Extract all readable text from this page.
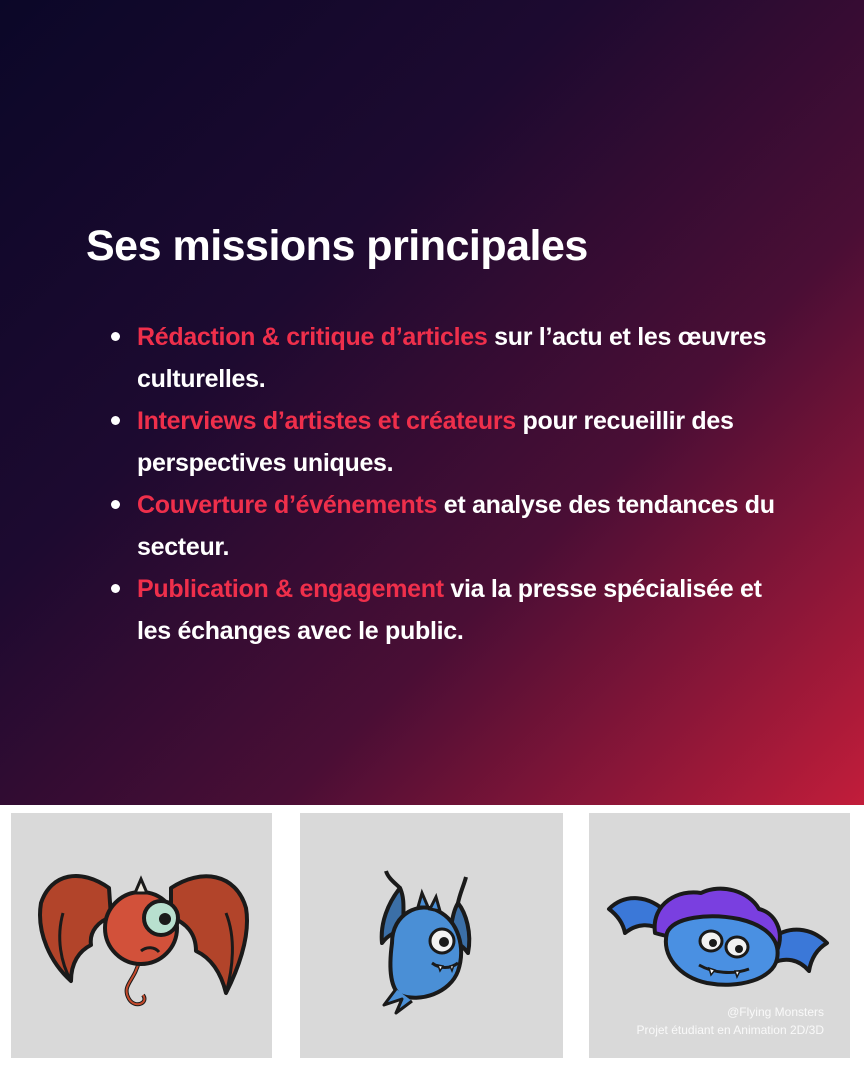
Ses missions principales
Rédaction & critique d’articles sur l’actu et les œuvres
culturelles.
Interviews d’artistes et créateurs pour recueillir des
perspectives uniques.
Couverture d’événements et analyse des tendances du
secteur.
Publication & engagement via la presse spécialisée et
les échanges avec le public.
@Flying Monsters
Projet étudiant en Animation 2D/3D
